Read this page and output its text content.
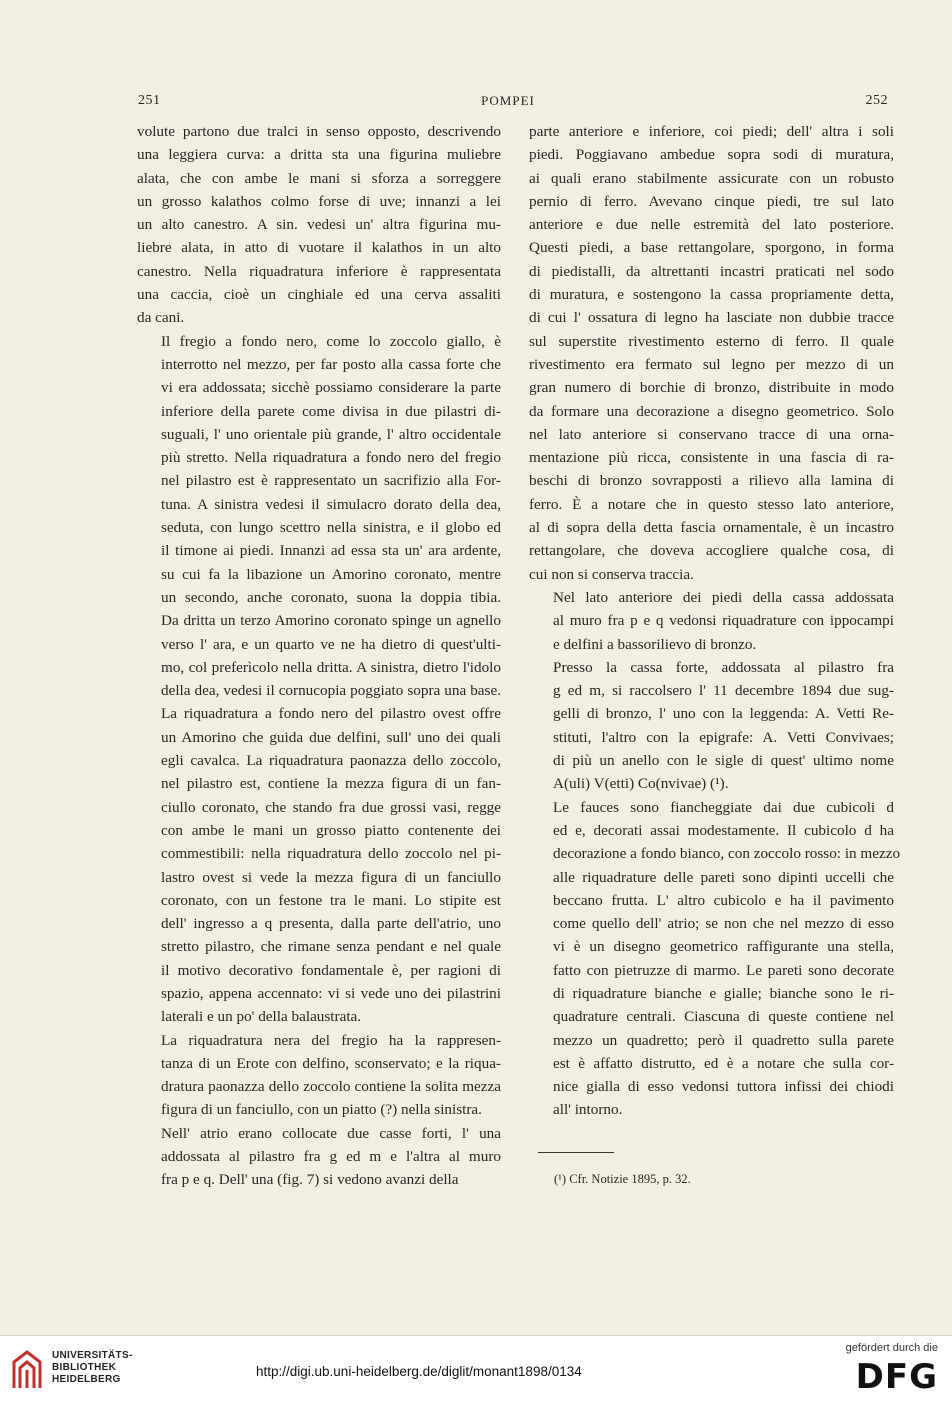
251	POMPEI	252

volute partono due tralci in senso opposto, descrivendo
una leggiera curva: a dritta sta una figurina muliebre
alata, che con ambe le mani si sforza a sorreggere
un grosso kalathos colmo forse di uve; innanzi a lei
un alto canestro. A sin. vedesi un' altra figurina mu-
liebre alata, in atto di vuotare il kalathos in un alto
canestro. Nella riquadratura inferiore è rappresentata
una caccia, cioè un cinghiale ed una cerva assaliti
da cani.

Il fregio a fondo nero, come lo zoccolo giallo, è
interrotto nel mezzo, per far posto alla cassa forte che
vi era addossata; sicchè possiamo considerare la parte
inferiore della parete come divisa in due pilastri di-
suguali, l' uno orientale più grande, l' altro occidentale
più stretto. Nella riquadratura a fondo nero del fregio
nel pilastro est è rappresentato un sacrifizio alla For-
tuna. A sinistra vedesi il simulacro dorato della dea,
seduta, con lungo scettro nella sinistra, e il globo ed
il timone ai piedi. Innanzi ad essa sta un' ara ardente,
su cui fa la libazione un Amorino coronato, mentre
un secondo, anche coronato, suona la doppia tibia.
Da dritta un terzo Amorino coronato spinge un agnello
verso l' ara, e un quarto ve ne ha dietro di quest'ulti-
mo, col preferìcolo nella dritta. A sinistra, dietro l'idolo
della dea, vedesi il cornucopia poggiato sopra una base.
La riquadratura a fondo nero del pilastro ovest offre
un Amorino che guida due delfini, sull' uno dei quali
egli cavalca. La riquadratura paonazza dello zoccolo,
nel pilastro est, contiene la mezza figura di un fan-
ciullo coronato, che stando fra due grossi vasi, regge
con ambe le mani un grosso piatto contenente dei
commestibili: nella riquadratura dello zoccolo nel pi-
lastro ovest si vede la mezza figura di un fanciullo
coronato, con un festone tra le mani. Lo stipite est
dell' ingresso a q presenta, dalla parte dell'atrio, uno
stretto pilastro, che rimane senza pendant e nel quale
il motivo decorativo fondamentale è, per ragioni di
spazio, appena accennato: vi si vede uno dei pilastrini
laterali e un po' della balaustrata.

La riquadratura nera del fregio ha la rappresen-
tanza di un Erote con delfino, sconservato; e la riqua-
dratura paonazza dello zoccolo contiene la solita mezza
figura di un fanciullo, con un piatto (?) nella sinistra.

Nell' atrio erano collocate due casse forti, l' una
addossata al pilastro fra g ed m e l'altra al muro
fra p e q. Dell' una (fig. 7) si vedono avanzi della

parte anteriore e inferiore, coi piedi; dell' altra i soli
piedi. Poggiavano ambedue sopra sodi di muratura,
ai quali erano stabilmente assicurate con un robusto
pernio di ferro. Avevano cinque piedi, tre sul lato
anteriore e due nelle estremità del lato posteriore.
Questi piedi, a base rettangolare, sporgono, in forma
di piedistalli, da altrettanti incastri praticati nel sodo
di muratura, e sostengono la cassa propriamente detta,
di cui l' ossatura di legno ha lasciate non dubbie tracce
sul superstite rivestimento esterno di ferro. Il quale
rivestimento era fermato sul legno per mezzo di un
gran numero di borchie di bronzo, distribuite in modo
da formare una decorazione a disegno geometrico. Solo
nel lato anteriore si conservano tracce di una orna-
mentazione più ricca, consistente in una fascia di ra-
beschi di bronzo sovrapposti a rilievo alla lamina di
ferro. È a notare che in questo stesso lato anteriore,
al di sopra della detta fascia ornamentale, è un incastro
rettangolare, che doveva accogliere qualche cosa, di
cui non si conserva traccia.

Nel lato anteriore dei piedi della cassa addossata
al muro fra p e q vedonsi riquadrature con ippocampi
e delfini a bassorilievo di bronzo.

Presso la cassa forte, addossata al pilastro fra
g ed m, si raccolsero l' 11 decembre 1894 due sug-
gelli di bronzo, l' uno con la leggenda: A. Vetti Re-
stituti, l'altro con la epigrafe: A. Vetti Convivaes;
di più un anello con le sigle di quest' ultimo nome
A(uli) V(etti) Co(nvivae) (¹).

Le fauces sono fiancheggiate dai due cubicoli d
ed e, decorati assai modestamente. Il cubicolo d ha
decorazione a fondo bianco, con zoccolo rosso: in mezzo
alle riquadrature delle pareti sono dipinti uccelli che
beccano frutta. L' altro cubicolo e ha il pavimento
come quello dell' atrio; se non che nel mezzo di esso
vi è un disegno geometrico raffigurante una stella,
fatto con pietruzze di marmo. Le pareti sono decorate
di riquadrature bianche e gialle; bianche sono le ri-
quadrature centrali. Ciascuna di queste contiene nel
mezzo un quadretto; però il quadretto sulla parete
est è affatto distrutto, ed è a notare che sulla cor-
nice gialla di esso vedonsi tuttora infissi dei chiodi
all' intorno.

(¹) Cfr. Notizie 1895, p. 32.
UNIVERSITÄTS-
BIBLIOTHEK
HEIDELBERG
http://digi.ub.uni-heidelberg.de/diglit/monant1898/0134
gefördert durch die
DFG
